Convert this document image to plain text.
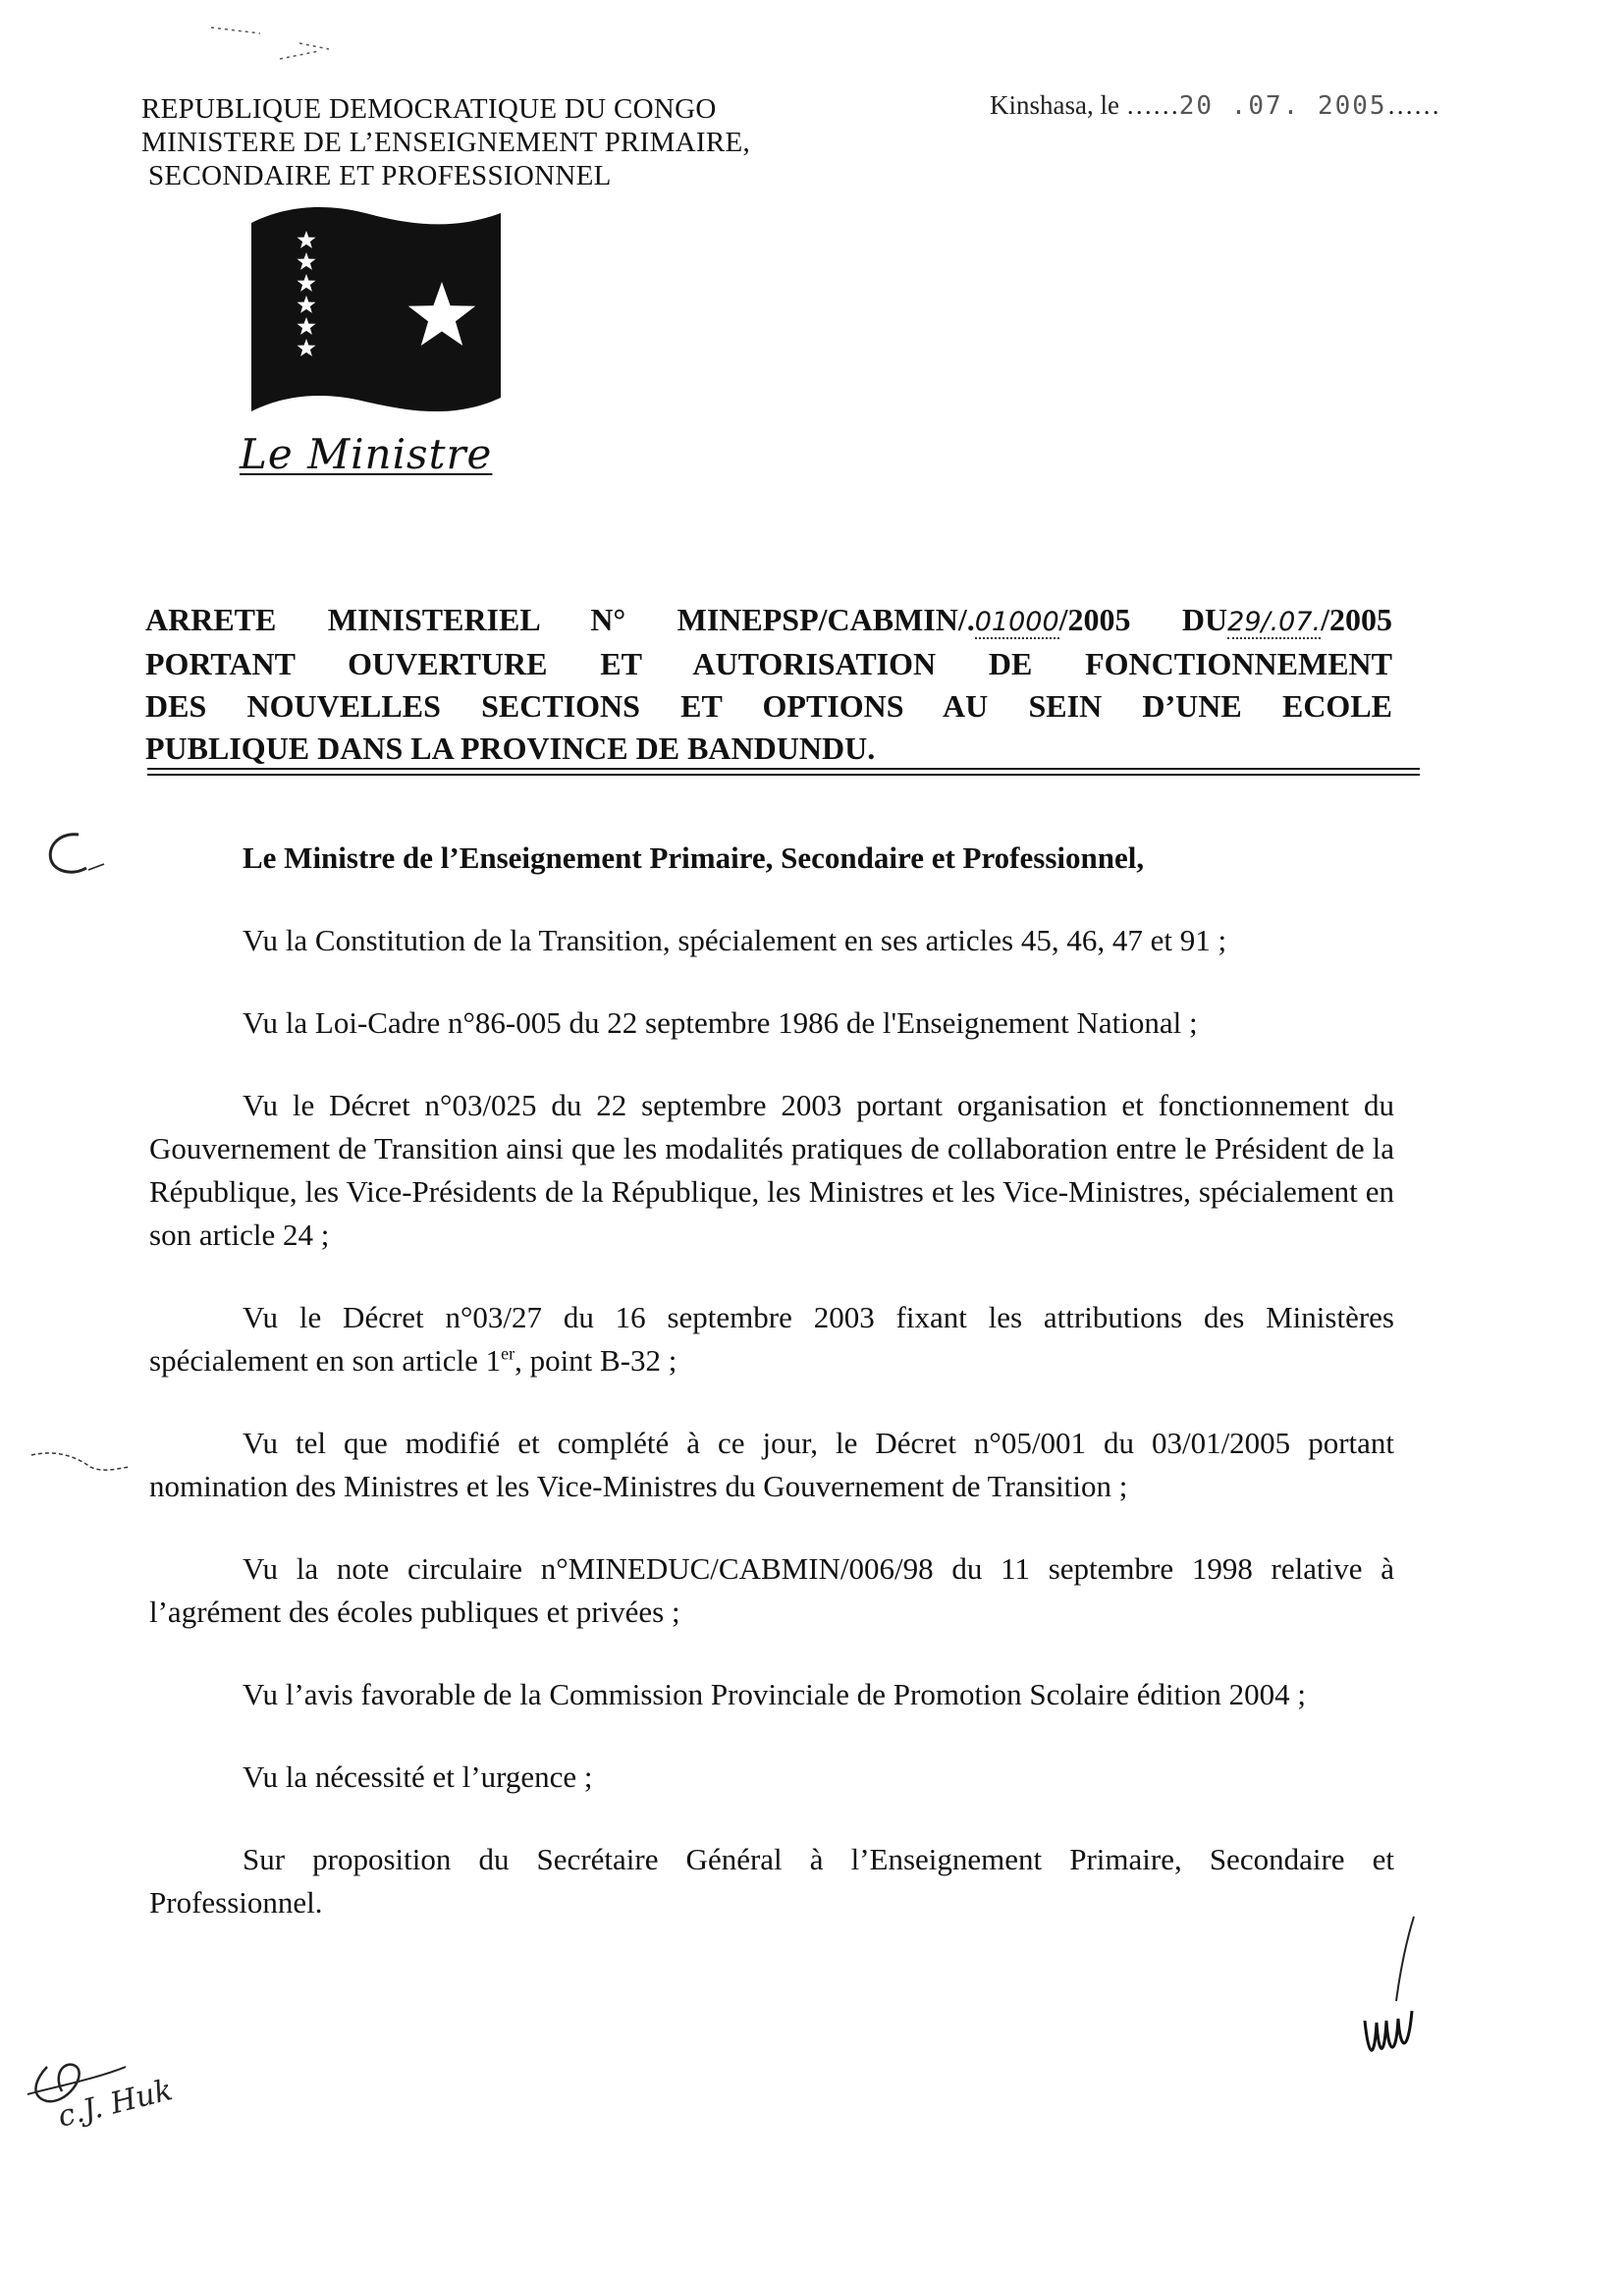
REPUBLIQUE DEMOCRATIQUE DU CONGO
MINISTERE DE L’ENSEIGNEMENT PRIMAIRE,
SECONDAIRE ET PROFESSIONNEL
Kinshasa, le ……20 .07. 2005……
Le Ministre
ARRETE MINISTERIEL N° MINEPSP/CABMIN/.01000/2005 DU29/.07./2005
PORTANT OUVERTURE ET AUTORISATION DE FONCTIONNEMENT
DES NOUVELLES SECTIONS ET OPTIONS AU SEIN D’UNE ECOLE
PUBLIQUE DANS LA PROVINCE DE BANDUNDU.
Le Ministre de l’Enseignement Primaire, Secondaire et Professionnel,

Vu la Constitution de la Transition, spécialement en ses articles 45, 46, 47 et 91 ;

Vu la Loi-Cadre n°86-005 du 22 septembre 1986 de l'Enseignement National ;

Vu le Décret n°03/025 du 22 septembre 2003 portant organisation et fonctionnement du Gouvernement de Transition ainsi que les modalités pratiques de collaboration entre le Président de la République, les Vice-Présidents de la République, les Ministres et les Vice-Ministres, spécialement en son article 24 ;

Vu le Décret n°03/27 du 16 septembre 2003 fixant les attributions des Ministères spécialement en son article 1er, point B-32 ;

Vu tel que modifié et complété à ce jour, le Décret n°05/001 du 03/01/2005 portant nomination des Ministres et les Vice-Ministres du Gouvernement de Transition ;

Vu la note circulaire n°MINEDUC/CABMIN/006/98 du 11 septembre 1998 relative à l’agrément des écoles publiques et privées ;

Vu l’avis favorable de la Commission Provinciale de Promotion Scolaire édition 2004 ;

Vu la nécessité et l’urgence ;

Sur proposition du Secrétaire Général à l’Enseignement Primaire, Secondaire et Professionnel.

c.J. Huk
